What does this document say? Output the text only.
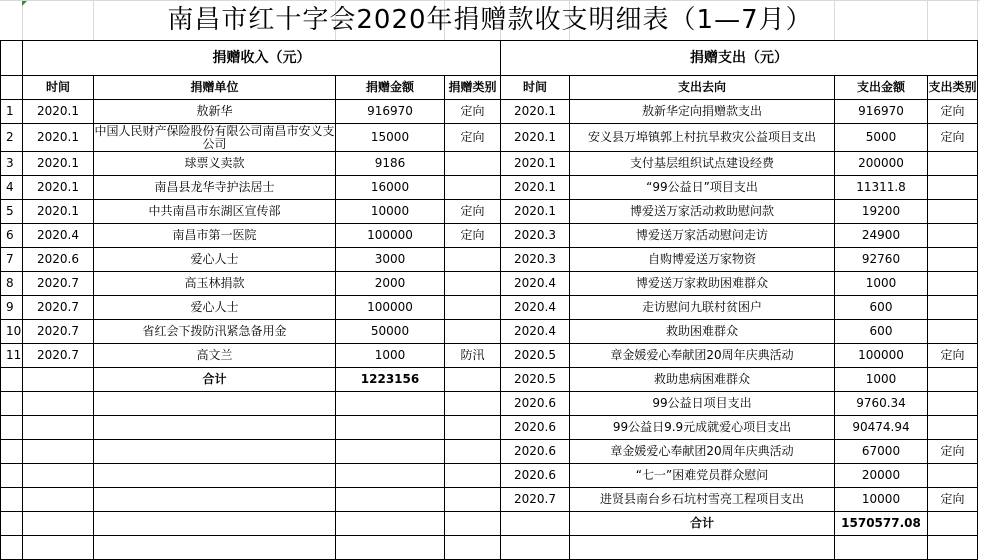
南昌市红十字会2020年捐赠款收支明细表（1—7月）
	捐赠收入（元）				捐赠支出（元）			
	时间	捐赠单位	捐赠金额	捐赠类别	时间	支出去向	支出金额	支出类别
1	2020.1	敖新华	916970	定向	2020.1	敖新华定向捐赠款支出	916970	定向
2	2020.1	中国人民财产保险股份有限公司南昌市安义支公司	15000	定向	2020.1	安义县万埠镇郭上村抗旱救灾公益项目支出	5000	定向
3	2020.1	球票义卖款	9186		2020.1	支付基层组织试点建设经费	200000	
4	2020.1	南昌县龙华寺护法居士	16000		2020.1	“99公益日”项目支出	11311.8	
5	2020.1	中共南昌市东湖区宣传部	10000	定向	2020.1	博爱送万家活动救助慰问款	19200	
6	2020.4	南昌市第一医院	100000	定向	2020.3	博爱送万家活动慰问走访	24900	
7	2020.6	爱心人士	3000		2020.3	自购博爱送万家物资	92760	
8	2020.7	高玉林捐款	2000		2020.4	博爱送万家救助困难群众	1000	
9	2020.7	爱心人士	100000		2020.4	走访慰问九联村贫困户	600	
10	2020.7	省红会下拨防汛紧急备用金	50000		2020.4	救助困难群众	600	
11	2020.7	高文兰	1000	防汛	2020.5	章金媛爱心奉献团20周年庆典活动	100000	定向
		合计	1223156		2020.5	救助患病困难群众	1000	
					2020.6	99公益日项目支出	9760.34	
					2020.6	99公益日9.9元成就爱心项目支出	90474.94	
					2020.6	章金媛爱心奉献团20周年庆典活动	67000	定向
					2020.6	“七一”困难党员群众慰问	20000	
					2020.7	进贤县南台乡石坑村雪亮工程项目支出	10000	定向
						合计	1570577.08	
